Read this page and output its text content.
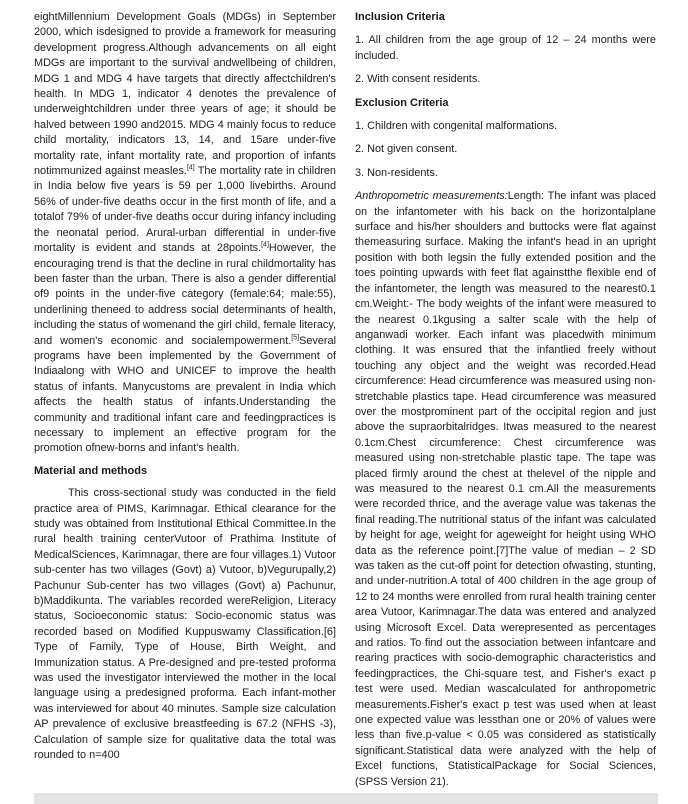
eightMillennium Development Goals (MDGs) in September 2000, which isdesigned to provide a framework for measuring development progress.Although advancements on all eight MDGs are important to the survival andwellbeing of children, MDG 1 and MDG 4 have targets that directly affectchildren's health. In MDG 1, indicator 4 denotes the prevalence of underweightchildren under three years of age; it should be halved between 1990 and2015. MDG 4 mainly focus to reduce child mortality, indicators 13, 14, and 15are under-five mortality rate, infant mortality rate, and proportion of infants notimmunized against measles.[4] The mortality rate in children in India below five years is 59 per 1,000 livebirths. Around 56% of under-five deaths occur in the first month of life, and a totalof 79% of under-five deaths occur during infancy including the neonatal period. Arural-urban differential in under-five mortality is evident and stands at 28points.[4]However, the encouraging trend is that the decline in rural childmortality has been faster than the urban. There is also a gender differential of9 points in the under-five category (female:64; male:55), underlining theneed to address social determinants of health, including the status of womenand the girl child, female literacy, and women's economic and socialempowerment.[5]Several programs have been implemented by the Government of Indiaalong with WHO and UNICEF to improve the health status of infants. Manycustoms are prevalent in India which affects the health status of infants.Understanding the community and traditional infant care and feedingpractices is necessary to implement an effective program for the promotion ofnew-borns and infant's health.

Material and methods

This cross-sectional study was conducted in the field practice area of PIMS, Karimnagar. Ethical clearance for the study was obtained from Institutional Ethical Committee.In the rural health training centerVutoor of Prathima Institute of MedicalSciences, Karimnagar, there are four villages.1) Vutoor sub-center has two villages (Govt) a) Vutoor, b)Vegurupally,2) Pachunur Sub-center has two villages (Govt) a) Pachunur, b)Maddikunta. The variables recorded wereReligion, Literacy status, Socioeconomic status: Socio-economic status was recorded based on Modified Kuppuswamy Classification.[6] Type of Family, Type of House, Birth Weight, and Immunization status. A Pre-designed and pre-tested proforma was used the investigator interviewed the mother in the local language using a predesigned proforma. Each infant-mother was interviewed for about 40 minutes. Sample size calculation AP prevalence of exclusive breastfeeding is 67.2 (NFHS -3), Calculation of sample size for qualitative data the total was rounded to n=400

Inclusion Criteria

1. All children from the age group of 12 – 24 months were included.

2. With consent residents.

Exclusion Criteria

1. Children with congenital malformations.

2. Not given consent.

3. Non-residents.

Anthropometric measurements:Length: The infant was placed on the infantometer with his back on the horizontalplane surface and his/her shoulders and buttocks were flat against themeasuring surface. Making the infant's head in an upright position with both legsin the fully extended position and the toes pointing upwards with feet flat againstthe flexible end of the infantometer, the length was measured to the nearest0.1 cm.Weight:- The body weights of the infant were measured to the nearest 0.1kgusing a salter scale with the help of anganwadi worker. Each infant was placedwith minimum clothing. It was ensured that the infantlied freely without touching any object and the weight was recorded.Head circumference: Head circumference was measured using non-stretchable plastics tape. Head circumference was measured over the mostprominent part of the occipital region and just above the supraorbitalridges. Itwas measured to the nearest 0.1cm.Chest circumference: Chest circumference was measured using non-stretchable plastic tape. The tape was placed firmly around the chest at thelevel of the nipple and was measured to the nearest 0.1 cm.All the measurements were recorded thrice, and the average value was takenas the final reading.The nutritional status of the infant was calculated by height for age, weight for ageweight for height using WHO data as the reference point.[7]The value of median – 2 SD was taken as the cut-off point for detection ofwasting, stunting, and under-nutrition.A total of 400 children in the age group of 12 to 24 months were enrolled from rural health training center area Vutoor, Karimnagar.The data was entered and analyzed using Microsoft Excel. Data werepresented as percentages and ratios. To find out the association between infantcare and rearing practices with socio-demographic characteristics and feedingpractices, the Chi-square test, and Fisher's exact p test were used. Median wascalculated for anthropometric measurements.Fisher's exact p test was used when at least one expected value was lessthan one or 20% of values were less than five.p-value < 0.05 was considered as statistically significant.Statistical data were analyzed with the help of Excel functions, StatisticalPackage for Social Sciences, (SPSS Version 21).
